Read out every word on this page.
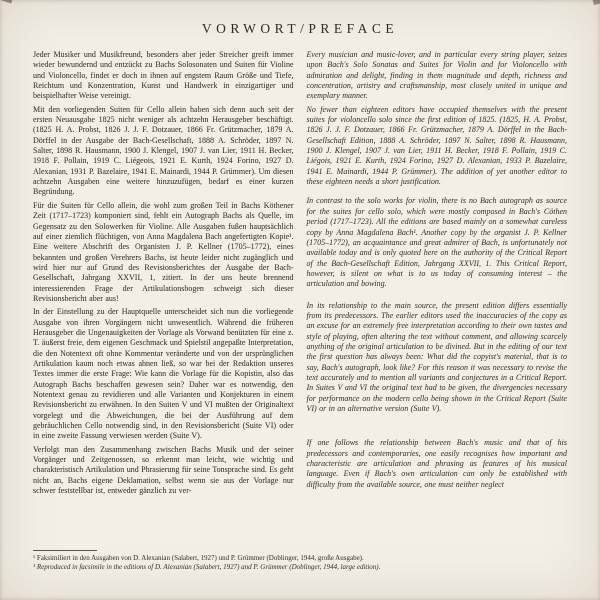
VORWORT/PREFACE

Jeder Musiker und Musikfreund, besonders aber jeder Streicher greift immer wieder bewundernd und entzückt zu Bachs Solosonaten und Suiten für Violine und Violoncello, findet er doch in ihnen auf engstem Raum Größe und Tiefe, Reichtum und Konzentration, Kunst und Handwerk in einzigartiger und beispielhafter Weise vereinigt.

Mit den vorliegenden Suiten für Cello allein haben sich denn auch seit der ersten Neuausgabe 1825 nicht weniger als achtzehn Herausgeber beschäftigt. (1825 H. A. Probst, 1826 J. J. F. Dotzauer, 1866 Fr. Grützmacher, 1879 A. Dörffel in der Ausgabe der Bach-Gesellschaft, 1888 A. Schröder, 1897 N. Salter, 1898 R. Hausmann, 1900 J. Klengel, 1907 J. van Lier, 1911 H. Becker, 1918 F. Pollain, 1919 C. Liégeois, 1921 E. Kurth, 1924 Forino, 1927 D. Alexanian, 1931 P. Bazelaire, 1941 E. Mainardi, 1944 P. Grümmer). Um diesen achtzehn Ausgaben eine weitere hinzuzufügen, bedarf es einer kurzen Begründung.

Für die Suiten für Cello allein, die wohl zum großen Teil in Bachs Köthener Zeit (1717–1723) komponiert sind, fehlt ein Autograph Bachs als Quelle, im Gegensatz zu den Solowerken für Violine. Alle Ausgaben fußen hauptsächlich auf einer ziemlich flüchtigen, von Anna Magdalena Bach angefertigten Kopie¹. Eine weitere Abschrift des Organisten J. P. Kellner (1705–1772), eines bekannten und großen Verehrers Bachs, ist heute leider nicht zugänglich und wird hier nur auf Grund des Revisionsberichtes der Ausgabe der Bach-Gesellschaft, Jahrgang XXVII, 1, zitiert. In der uns heute brennend interessierenden Frage der Artikulationsbogen schweigt sich dieser Revisionsbericht aber aus!

In der Einstellung zu der Hauptquelle unterscheidet sich nun die vorliegende Ausgabe von ihren Vorgängern nicht unwesentlich. Während die früheren Herausgeber die Ungenauigkeiten der Vorlage als Vorwand benützten für eine z. T. äußerst freie, dem eigenen Geschmack und Spielstil angepaßte Interpretation, die den Notentext oft ohne Kommentar veränderte und von der ursprünglichen Artikulation kaum noch etwas ahnen ließ, so war bei der Redaktion unseres Textes immer die erste Frage: Wie kann die Vorlage für die Kopistin, also das Autograph Bachs beschaffen gewesen sein? Daher war es notwendig, den Notentext genau zu revidieren und alle Varianten und Konjekturen in einem Revisionsbericht zu erwähnen. In den Suiten V und VI mußten der Originaltext vorgelegt und die Abweichungen, die bei der Ausführung auf dem gebräuchlichen Cello notwendig sind, in den Revisionsbericht (Suite VI) oder in eine zweite Fassung verwiesen werden (Suite V).

Verfolgt man den Zusammenhang zwischen Bachs Musik und der seiner Vorgänger und Zeitgenossen, so erkennt man leicht, wie wichtig und charakteristisch Artikulation und Phrasierung für seine Tonsprache sind. Es geht nicht an, Bachs eigene Deklamation, selbst wenn sie aus der Vorlage nur schwer feststellbar ist, entweder gänzlich zu ver-

Every musician and music-lover, and in particular every string player, seizes upon Bach's Solo Sonatas and Suites for Violin and for Violoncello with admiration and delight, finding in them magnitude and depth, richness and concentration, artistry and craftsmanship, most closely united in unique and exemplary manner.

No fewer than eighteen editors have occupied themselves with the present suites for violoncello solo since the first edition of 1825. (1825, H. A. Probst, 1826 J. J. F. Dotzauer, 1866 Fr. Grützmacher, 1879 A. Dörffel in the Bach-Gesellschaft Edition, 1888 A. Schröder, 1897 N. Salter, 1898 R. Hausmann, 1900 J. Klengel, 1907 J. van Lier, 1911 H. Becker, 1918 F. Pollain, 1919 C. Liégois, 1921 E. Kurth, 1924 Forino, 1927 D. Alexanian, 1933 P. Bazelaire, 1941 E. Mainardi, 1944 P. Grümmer). The addition of yet another editor to these eighteen needs a short justification.

In contrast to the solo works for violin, there is no Bach autograph as source for the suites for cello solo, which were mostly composed in Bach's Cöthen period (1717–1723). All the editions are based mainly on a somewhat careless copy by Anna Magdalena Bach¹. Another copy by the organist J. P. Kellner (1705–1772), an acquaintance and great admirer of Bach, is unfortunately not available today and is only quoted here on the authority of the Critical Report of the Bach-Gesellschaft Edition, Jahrgang XXVII, 1. This Critical Report, however, is silent on what is to us today of consuming interest – the articulation and bowing.

In its relationship to the main source, the present edition differs essentially from its predecessors. The earlier editors used the inaccuracies of the copy as an excuse for an extremely free interpretation according to their own tastes and style of playing, often altering the text without comment, and allowing scarcely anything of the original articulation to be divined. But in the editing of our text the first question has always been: What did the copyist's material, that is to say, Bach's autograph, look like? For this reason it was necessary to revise the text accurately and to mention all variants and conjectures in a Critical Report. In Suites V and VI the original text had to be given, the divergencies necessary for performance on the modern cello being shown in the Critical Report (Suite VI) or in an alternative version (Suite V).

If one follows the relationship between Bach's music and that of his predecessors and contemporaries, one easily recognises how important and characteristic are articulation and phrasing as features of his musical language. Even if Bach's own articulation can only be established with difficulty from the available source, one must neither neglect

¹ Faksimiliert in den Ausgaben von D. Alexanian (Salabert, 1927) und P. Grümmer (Doblinger, 1944, große Ausgabe).

¹ Reproduced in facsimile in the editions of D. Alexanian (Salabert, 1927) and P. Grümmer (Doblinger, 1944, large edition).
